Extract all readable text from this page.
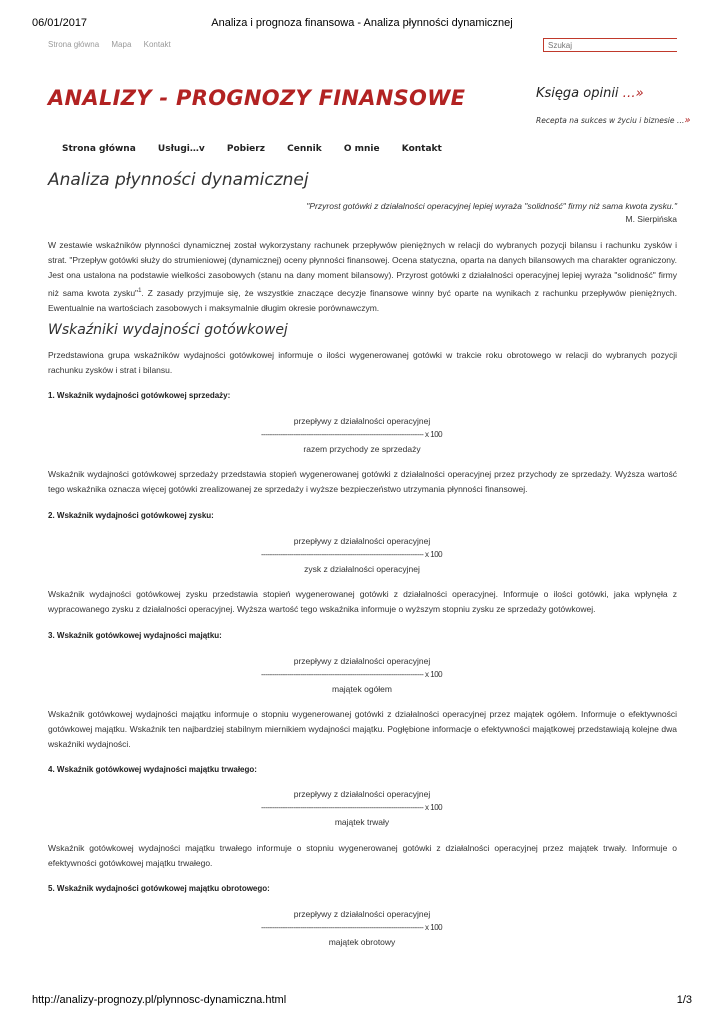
06/01/2017	Analiza i prognoza finansowa - Analiza płynności dynamicznej
Strona główna Mapa Kontakt
Szukaj
ANALIZY - PROGNOZY FINANSOWE	Księga opinii …»
Recepta na sukces w życiu i biznesie …»
Strona główna Usługi…v Pobierz Cennik O mnie Kontakt
Analiza płynności dynamicznej
"Przyrost gotówki z działalności operacyjnej lepiej wyraża "solidność" firmy niż sama kwota zysku."
M. Sierpińska
W zestawie wskaźników płynności dynamicznej został wykorzystany rachunek przepływów pieniężnych w relacji do wybranych pozycji bilansu i rachunku zysków i strat. "Przepływ gotówki służy do strumieniowej (dynamicznej) oceny płynności finansowej. Ocena statyczna, oparta na danych bilansowych ma charakter ograniczony. Jest ona ustalona na podstawie wielkości zasobowych (stanu na dany moment bilansowy). Przyrost gotówki z działalności operacyjnej lepiej wyraża "solidność" firmy niż sama kwota zysku"$^1$. Z zasady przyjmuje się, że wszystkie znaczące decyzje finansowe winny być oparte na wynikach z rachunku przepływów pieniężnych. Ewentualnie na wartościach zasobowych i maksymalnie długim okresie porównawczym.
Wskaźniki wydajności gotówkowej
Przedstawiona grupa wskaźników wydajności gotówkowej informuje o ilości wygenerowanej gotówki w trakcie roku obrotowego w relacji do wybranych pozycji rachunku zysków i strat i bilansu.
1. Wskaźnik wydajności gotówkowej sprzedaży:
przepływy z działalności operacyjnej
--------------------------------------------------------------------------- x 100
razem przychody ze sprzedaży
Wskaźnik wydajności gotówkowej sprzedaży przedstawia stopień wygenerowanej gotówki z działalności operacyjnej przez przychody ze sprzedaży. Wyższa wartość tego wskaźnika oznacza więcej gotówki zrealizowanej ze sprzedaży i wyższe bezpieczeństwo utrzymania płynności finansowej.
2. Wskaźnik wydajności gotówkowej zysku:
przepływy z działalności operacyjnej
--------------------------------------------------------------------------- x 100
zysk z działalności operacyjnej
Wskaźnik wydajności gotówkowej zysku przedstawia stopień wygenerowanej gotówki z działalności operacyjnej. Informuje o ilości gotówki, jaka wpłynęła z wypracowanego zysku z działalności operacyjnej. Wyższa wartość tego wskaźnika informuje o wyższym stopniu zysku ze sprzedaży gotówkowej.
3. Wskaźnik gotówkowej wydajności majątku:
przepływy z działalności operacyjnej
--------------------------------------------------------------------------- x 100
majątek ogółem
Wskaźnik gotówkowej wydajności majątku informuje o stopniu wygenerowanej gotówki z działalności operacyjnej przez majątek ogółem. Informuje o efektywności gotówkowej majątku. Wskaźnik ten najbardziej stabilnym miernikiem wydajności majątku. Pogłębione informacje o efektywności majątkowej przedstawiają kolejne dwa wskaźniki wydajności.
4. Wskaźnik gotówkowej wydajności majątku trwałego:
przepływy z działalności operacyjnej
--------------------------------------------------------------------------- x 100
majątek trwały
Wskaźnik gotówkowej wydajności majątku trwałego informuje o stopniu wygenerowanej gotówki z działalności operacyjnej przez majątek trwały. Informuje o efektywności gotówkowej majątku trwałego.
5. Wskaźnik wydajności gotówkowej majątku obrotowego:
przepływy z działalności operacyjnej
--------------------------------------------------------------------------- x 100
majątek obrotowy
http://analizy-prognozy.pl/plynnosc-dynamiczna.html	1/3
